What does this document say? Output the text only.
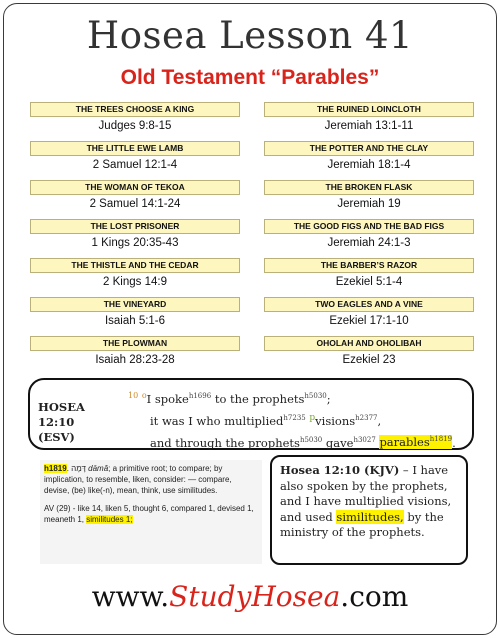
Hosea Lesson 41
Old Testament “Parables”
THE TREES CHOOSE A KING
Judges 9:8-15
THE LITTLE EWE LAMB
2 Samuel 12:1-4
THE WOMAN OF TEKOA
2 Samuel 14:1-24
THE LOST PRISONER
1 Kings 20:35-43
THE THISTLE AND THE CEDAR
2 Kings 14:9
THE VINEYARD
Isaiah 5:1-6
THE PLOWMAN
Isaiah 28:23-28
THE RUINED LOINCLOTH
Jeremiah 13:1-11
THE POTTER AND THE CLAY
Jeremiah 18:1-4
THE BROKEN FLASK
Jeremiah 19
THE GOOD FIGS AND THE BAD FIGS
Jeremiah 24:1-3
THE BARBER’S RAZOR
Ezekiel 5:1-4
TWO EAGLES AND A VINE
Ezekiel 17:1-10
OHOLAH AND OHOLIBAH
Ezekiel 23
HOSEA 12:10
(ESV)
$^{10}$ $^o$I spoke$^{h1696}$ to the prophets$^{h5030}$;
it was I who multiplied$^{h7235}$ $^p$visions$^{h2377}$,
and through the prophets$^{h5030}$ gave$^{h3027}$ parables$^{h1819}$.

h1819. דָּמָה dāmâ; a primitive root; to compare; by implication, to resemble, liken, consider: — compare, devise, (be) like(-n), mean, think, use similitudes.

AV (29) - like 14, liken 5, thought 6, compared 1, devised 1, meaneth 1, similitudes 1;

Hosea 12:10 (KJV) – I have also spoken by the prophets, and I have multiplied visions, and used similitudes, by the ministry of the prophets.
www.StudyHosea.com
